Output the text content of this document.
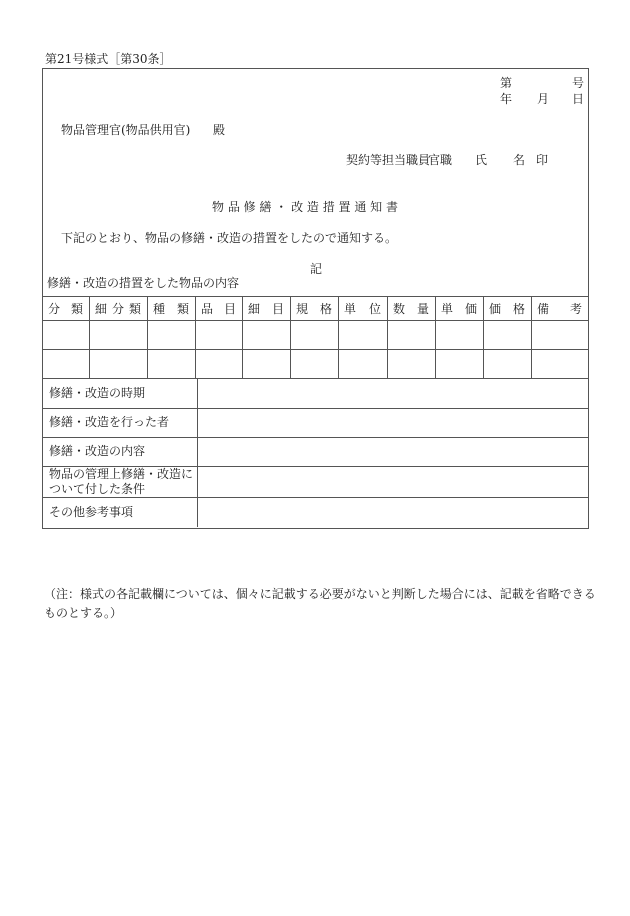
第21号様式［第30条］
第	号
年 月 日
物品管理官(物品供用官) 殿
契約等担当職員
官職 氏 名 印
物 品 修 繕 ・ 改 造 措 置 通 知 書
下記のとおり、物品の修繕・改造の措置をしたので通知する。
記
修繕・改造の措置をした物品の内容
分 類 細 分 類 種 類 品 目 細 目 規 格 単 位 数 量 単 価 価 格 備 考
修繕・改造の時期
修繕・改造を行った者
修繕・改造の内容
物品の管理上修繕・改造に
ついて付した条件
その他参考事項
（注：様式の各記載欄については、個々に記載する必要がないと判断した場合には、記載を省略できる
ものとする。）
